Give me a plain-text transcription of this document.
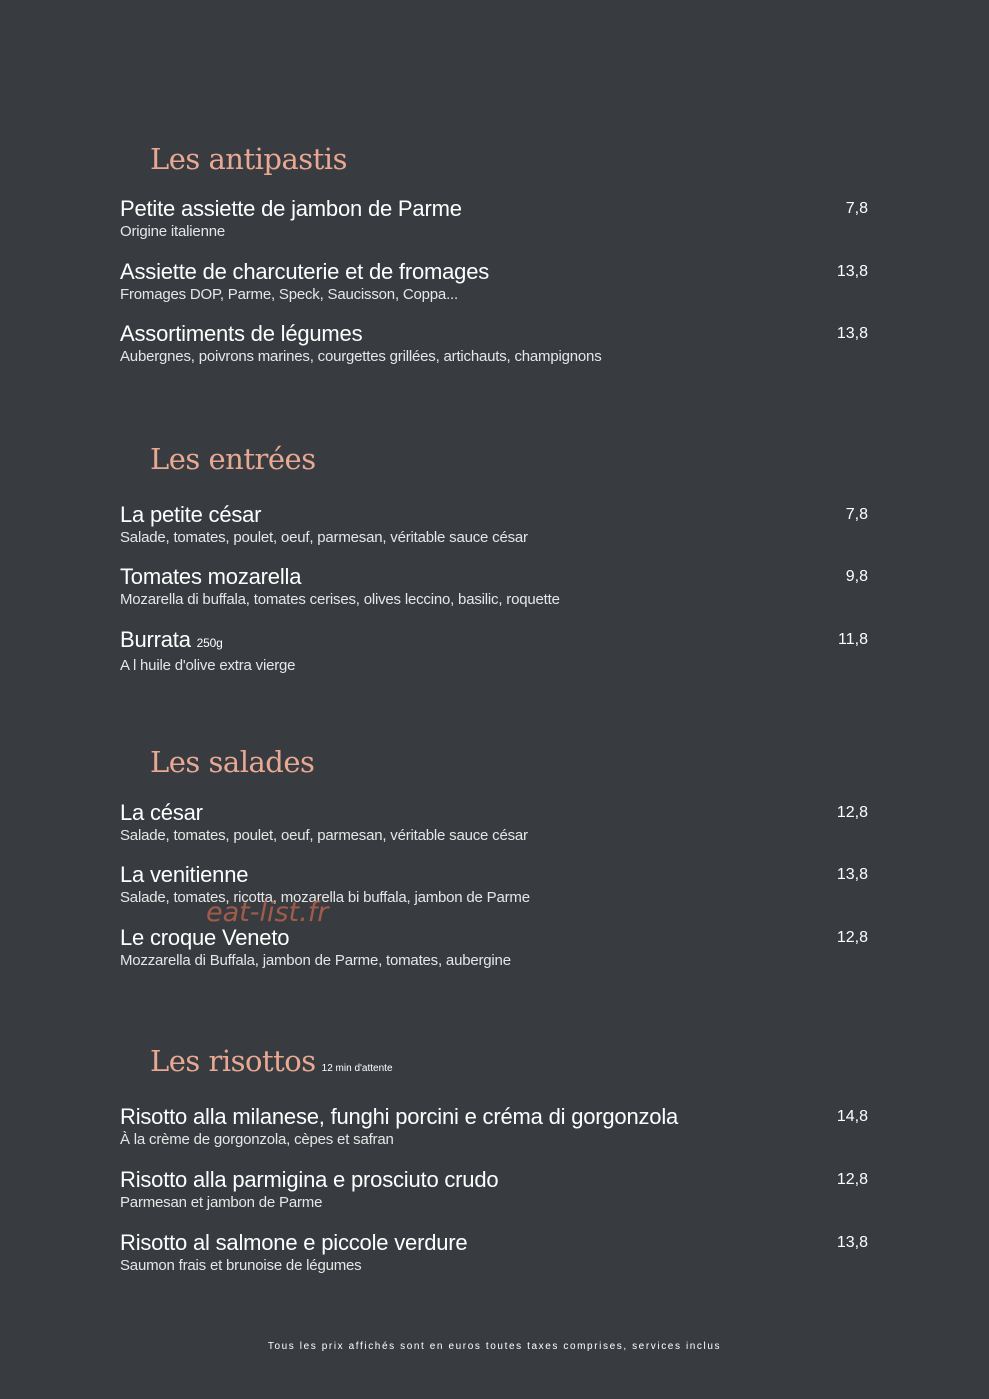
Les antipastis
Petite assiette de jambon de Parme
Origine italienne
7,8
Assiette de charcuterie et de fromages
Fromages DOP, Parme, Speck, Saucisson, Coppa...
13,8
Assortiments de légumes
Aubergnes, poivrons marines, courgettes grillées, artichauts, champignons
13,8
Les entrées
La petite césar
Salade, tomates, poulet, oeuf, parmesan, véritable sauce césar
7,8
Tomates mozarella
Mozarella di buffala, tomates cerises, olives leccino, basilic, roquette
9,8
Burrata 250g
A l huile d'olive extra vierge
11,8
Les salades
La césar
Salade, tomates, poulet, oeuf, parmesan, véritable sauce césar
12,8
La venitienne
Salade, tomates, ricotta, mozarella bi buffala, jambon de Parme
13,8
Le croque Veneto
Mozzarella di Buffala, jambon de Parme, tomates, aubergine
12,8
eat-list.fr
Les risottos 12 min d'attente
Risotto alla milanese, funghi porcini e créma di gorgonzola
À la crème de gorgonzola, cèpes et safran
14,8
Risotto alla parmigina e prosciuto crudo
Parmesan et jambon de Parme
12,8
Risotto al salmone e piccole verdure
Saumon frais et brunoise de légumes
13,8
Tous les prix affichés sont en euros toutes taxes comprises, services inclus
